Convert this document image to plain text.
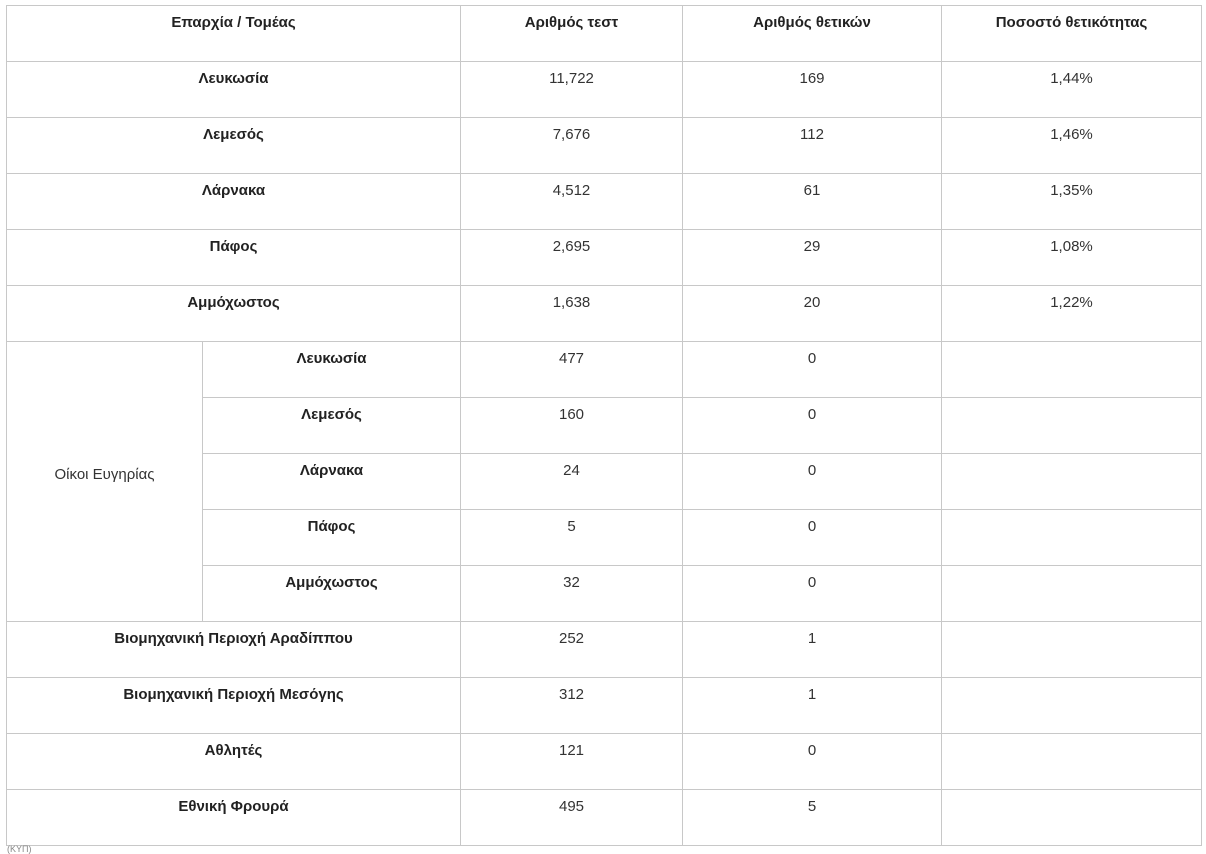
Επαρχία / Τομέας		Αριθμός τεστ	Αριθμός θετικών	Ποσοστό θετικότητας
Λευκωσία		11,722	169	1,44%
Λεμεσός		7,676	112	1,46%
Λάρνακα		4,512	61	1,35%
Πάφος		2,695	29	1,08%
Αμμόχωστος		1,638	20	1,22%
Οίκοι Ευγηρίας	Λευκωσία	477	0	
	Λεμεσός	160	0	
	Λάρνακα	24	0	
	Πάφος	5	0	
	Αμμόχωστος	32	0	
Βιομηχανική Περιοχή Αραδίππου		252	1	
Βιομηχανική Περιοχή Μεσόγης		312	1	
Αθλητές		121	0	
Εθνική Φρουρά		495	5	
(ΚΥΠ)
